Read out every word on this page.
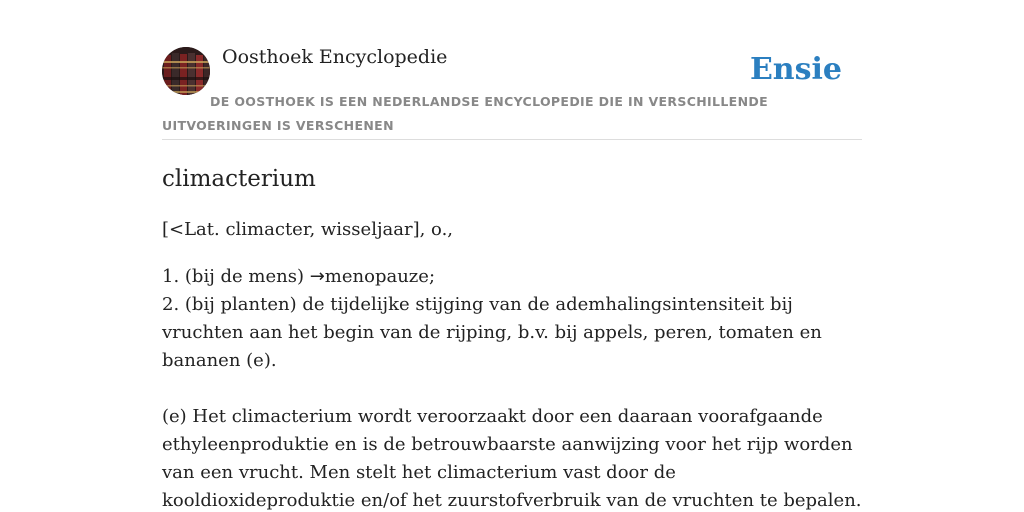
Oosthoek Encyclopedie	Ensie
DE OOSTHOEK IS EEN NEDERLANDSE ENCYCLOPEDIE DIE IN VERSCHILLENDE UITVOERINGEN IS VERSCHENEN
climacterium

[<Lat. climacter, wisseljaar], o.,

1. (bij de mens) →menopauze;
2. (bij planten) de tijdelijke stijging van de ademhalingsintensiteit bij vruchten aan het begin van de rijping, b.v. bij appels, peren, tomaten en bananen (e).

(e) Het climacterium wordt veroorzaakt door een daaraan voorafgaande ethyleenproduktie en is de betrouwbaarste aanwijzing voor het rijp worden van een vrucht. Men stelt het climacterium vast door de kooldioxideproduktie en/of het zuurstofverbruik van de vruchten te bepalen.
